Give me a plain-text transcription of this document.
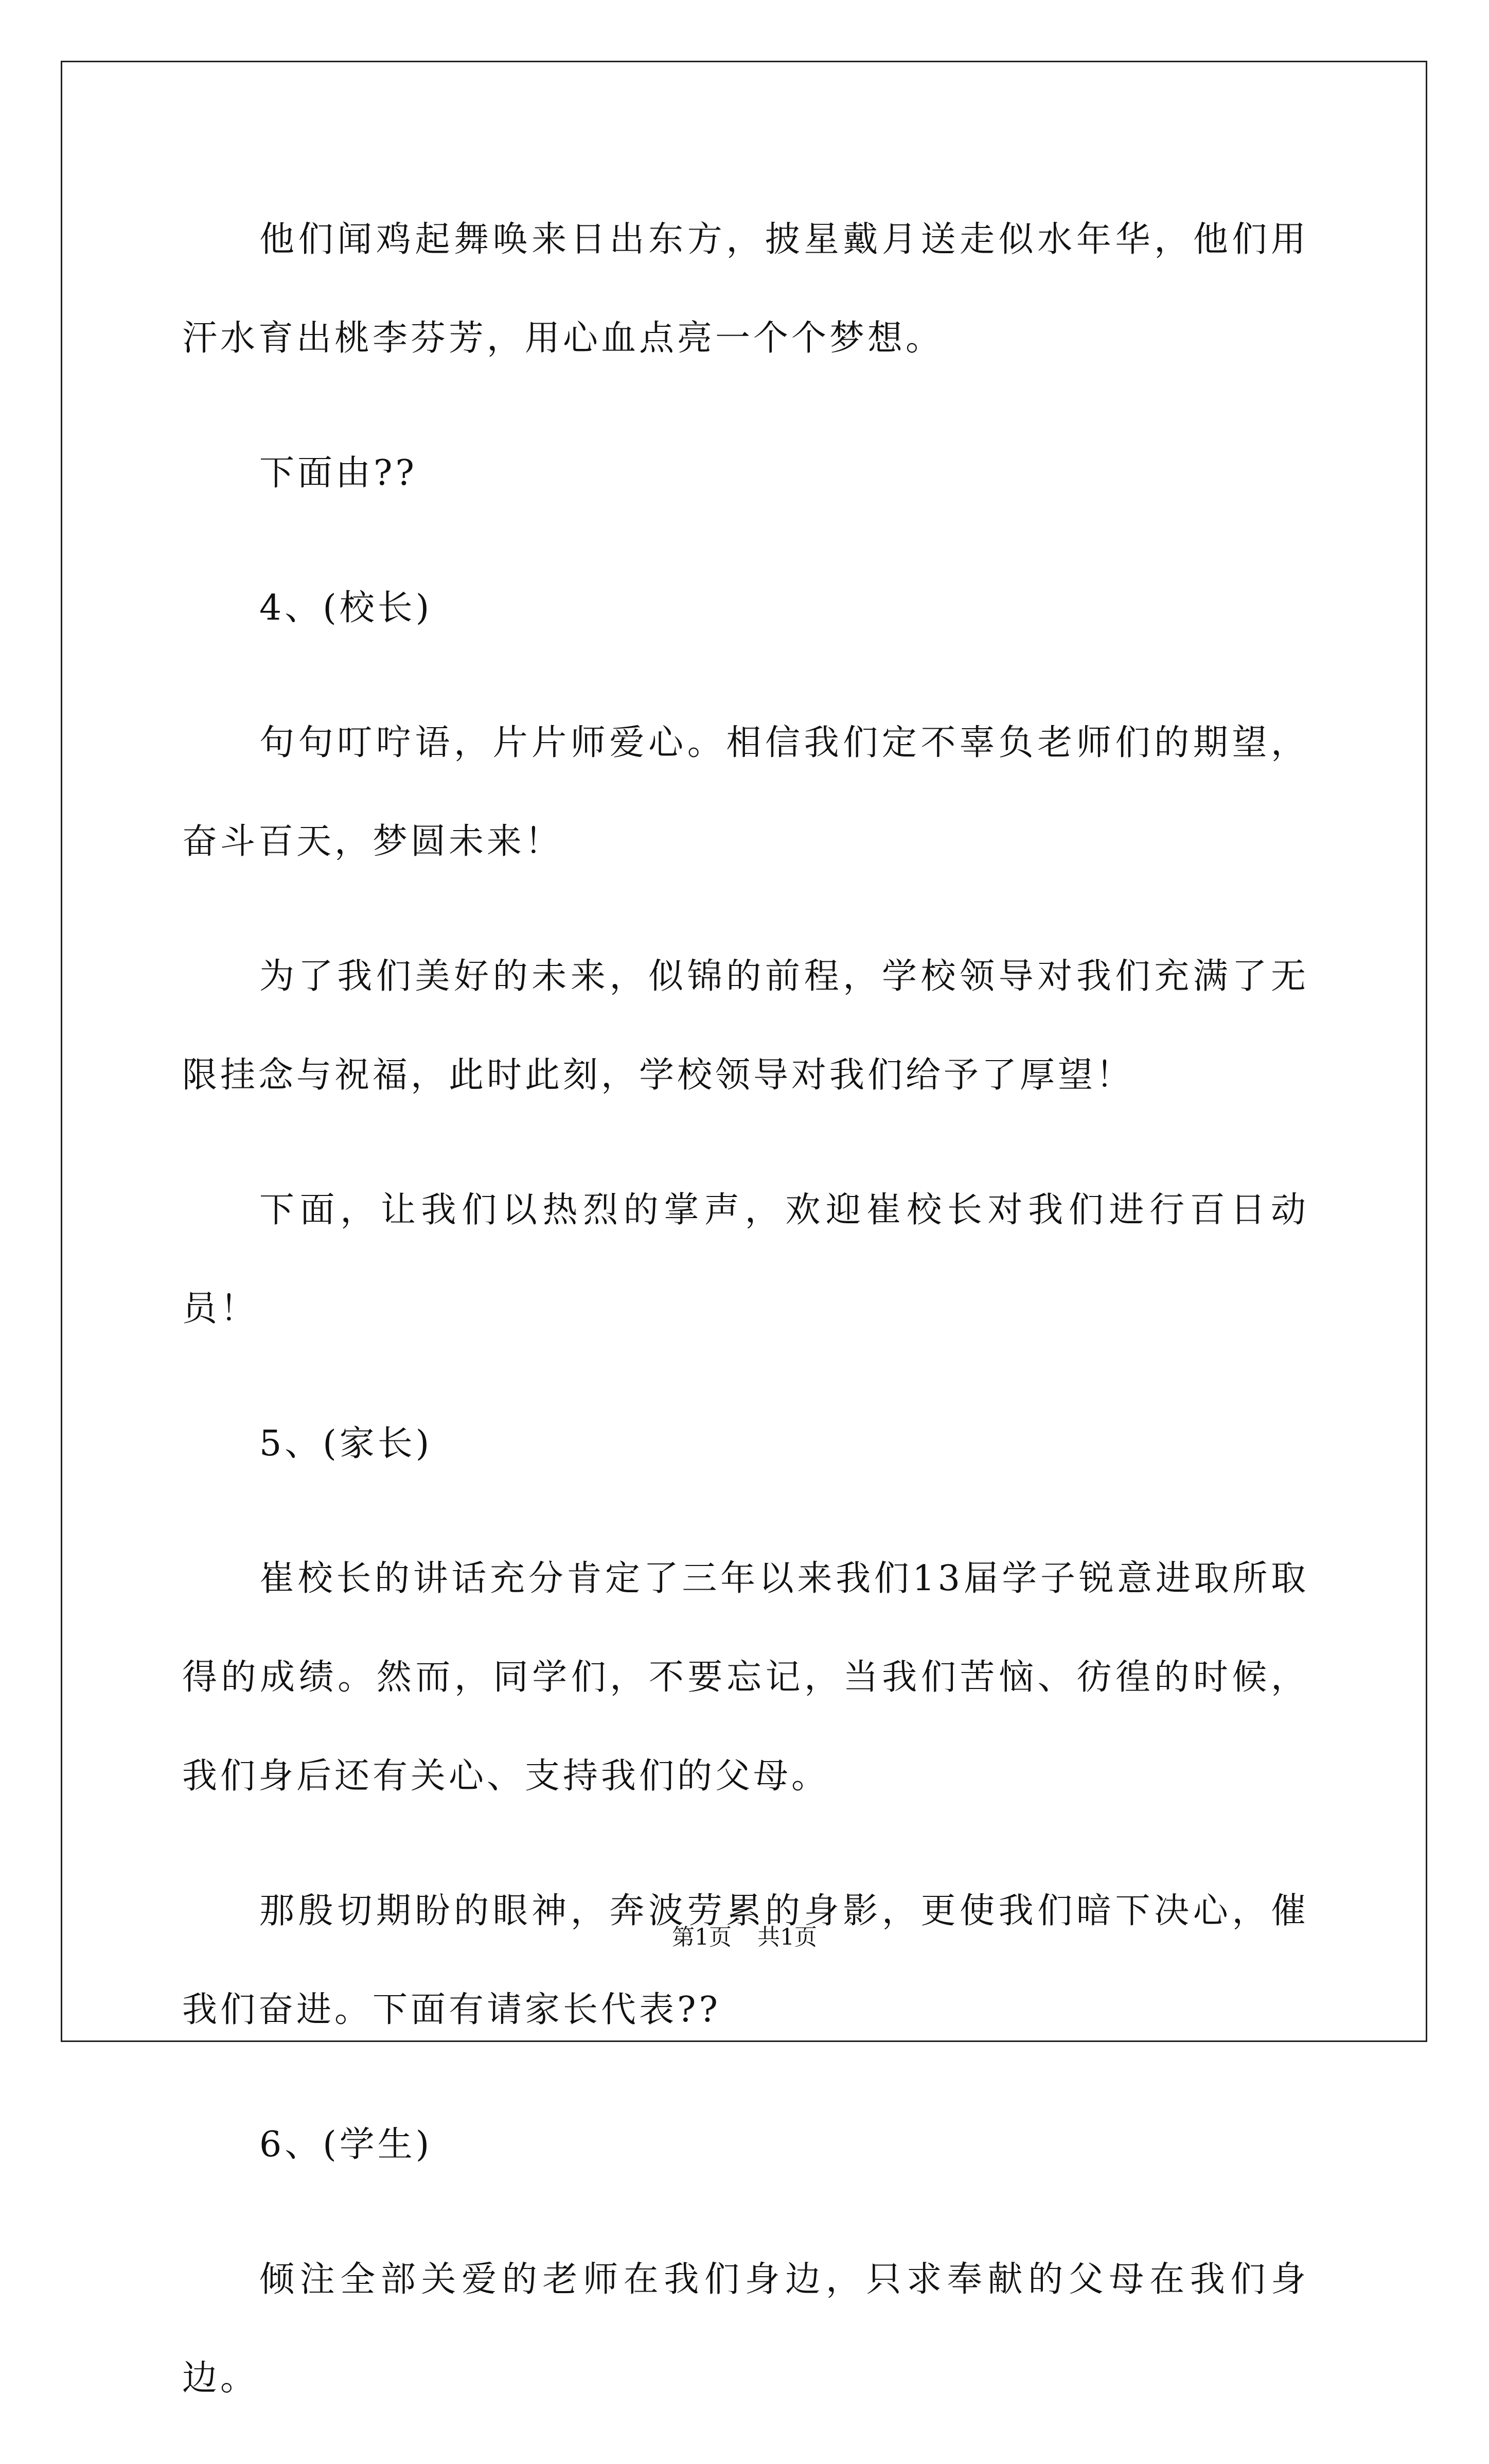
他们闻鸡起舞唤来日出东方，披星戴月送走似水年华，他们用汗水育出桃李芬芳，用心血点亮一个个梦想。

下面由??

4、(校长)

句句叮咛语，片片师爱心。相信我们定不辜负老师们的期望，奋斗百天，梦圆未来！

为了我们美好的未来，似锦的前程，学校领导对我们充满了无限挂念与祝福，此时此刻，学校领导对我们给予了厚望！

下面，让我们以热烈的掌声，欢迎崔校长对我们进行百日动员！

5、(家长)

崔校长的讲话充分肯定了三年以来我们13届学子锐意进取所取得的成绩。然而，同学们，不要忘记，当我们苦恼、彷徨的时候，我们身后还有关心、支持我们的父母。

那殷切期盼的眼神，奔波劳累的身影，更使我们暗下决心，催我们奋进。下面有请家长代表??

6、(学生)

倾注全部关爱的老师在我们身边，只求奉献的父母在我们身边。

第1页 共1页
